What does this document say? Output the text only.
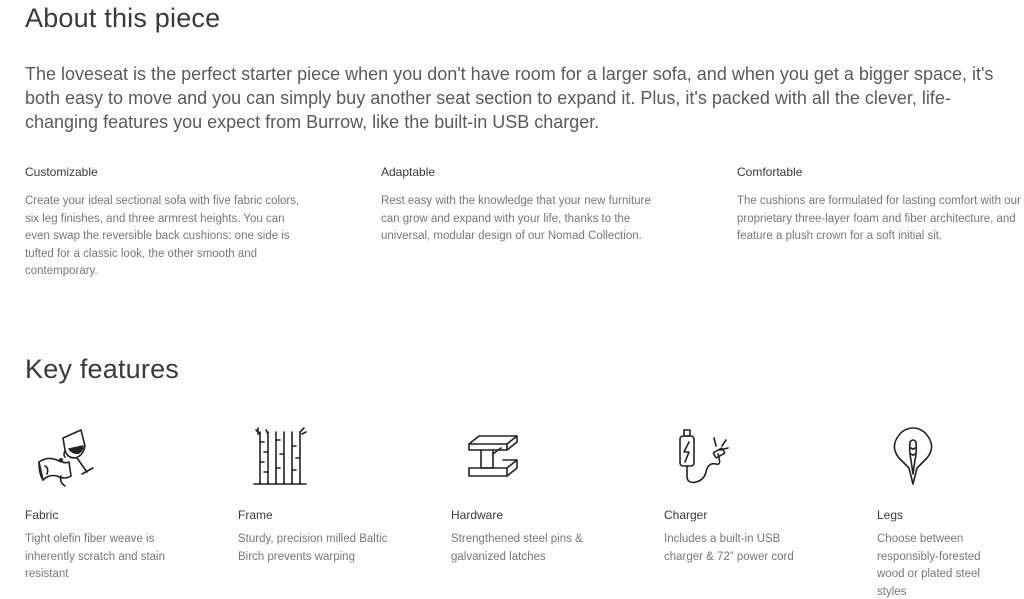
About this piece

The loveseat is the perfect starter piece when you don't have room for a larger sofa, and when you get a bigger space, it's both easy to move and you can simply buy another seat section to expand it. Plus, it's packed with all the clever, life-changing features you expect from Burrow, like the built-in USB charger.

Customizable

Create your ideal sectional sofa with five fabric colors, six leg finishes, and three armrest heights. You can even swap the reversible back cushions: one side is tufted for a classic look, the other smooth and contemporary.

Adaptable

Rest easy with the knowledge that your new furniture can grow and expand with your life, thanks to the universal, modular design of our Nomad Collection.

Comfortable

The cushions are formulated for lasting comfort with our proprietary three-layer foam and fiber architecture, and feature a plush crown for a soft initial sit.

Key features

Fabric

Tight olefin fiber weave is inherently scratch and stain resistant

Frame

Sturdy, precision milled Baltic Birch prevents warping

Hardware

Strengthened steel pins & galvanized latches

Charger

Includes a built-in USB charger & 72” power cord

Legs

Choose between responsibly-forested wood or plated steel styles
